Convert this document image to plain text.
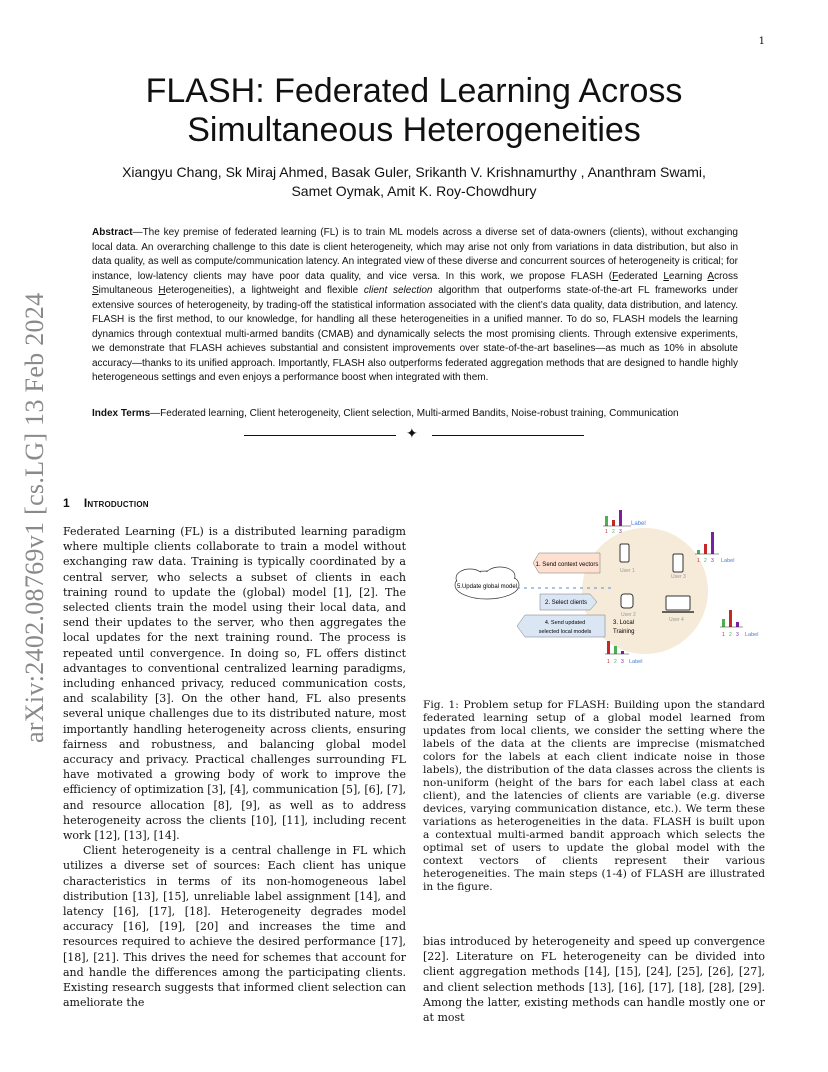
1
arXiv:2402.08769v1 [cs.LG] 13 Feb 2024
FLASH: Federated Learning Across
Simultaneous Heterogeneities
Xiangyu Chang, Sk Miraj Ahmed, Basak Guler, Srikanth V. Krishnamurthy , Ananthram Swami,
Samet Oymak, Amit K. Roy-Chowdhury
Abstract—The key premise of federated learning (FL) is to train ML models across a diverse set of data-owners (clients), without exchanging local data. An overarching challenge to this date is client heterogeneity, which may arise not only from variations in data distribution, but also in data quality, as well as compute/communication latency. An integrated view of these diverse and concurrent sources of heterogeneity is critical; for instance, low-latency clients may have poor data quality, and vice versa. In this work, we propose FLASH (Federated Learning Across Simultaneous Heterogeneities), a lightweight and flexible client selection algorithm that outperforms state-of-the-art FL frameworks under extensive sources of heterogeneity, by trading-off the statistical information associated with the client’s data quality, data distribution, and latency. FLASH is the first method, to our knowledge, for handling all these heterogeneities in a unified manner. To do so, FLASH models the learning dynamics through contextual multi-armed bandits (CMAB) and dynamically selects the most promising clients. Through extensive experiments, we demonstrate that FLASH achieves substantial and consistent improvements over state-of-the-art baselines—as much as 10% in absolute accuracy—thanks to its unified approach. Importantly, FLASH also outperforms federated aggregation methods that are designed to handle highly heterogeneous settings and even enjoys a performance boost when integrated with them.
Index Terms—Federated learning, Client heterogeneity, Client selection, Multi-armed Bandits, Noise-robust training, Communication
✦
1 Introduction

Federated Learning (FL) is a distributed learning paradigm where multiple clients collaborate to train a model without exchanging raw data. Training is typically coordinated by a central server, who selects a subset of clients in each training round to update the (global) model [1], [2]. The selected clients train the model using their local data, and send their updates to the server, who then aggregates the local updates for the next training round. The process is repeated until convergence. In doing so, FL offers distinct advantages to conventional centralized learning paradigms, including enhanced privacy, reduced communication costs, and scalability [3]. On the other hand, FL also presents several unique challenges due to its distributed nature, most importantly handling heterogeneity across clients, ensuring fairness and robustness, and balancing global model accuracy and privacy. Practical challenges surrounding FL have motivated a growing body of work to improve the efficiency of optimization [3], [4], communication [5], [6], [7], and resource allocation [8], [9], as well as to address heterogeneity across the clients [10], [11], including recent work [12], [13], [14].

Client heterogeneity is a central challenge in FL which utilizes a diverse set of sources: Each client has unique characteristics in terms of its non-homogeneous label distribution [13], [15], unreliable label assignment [14], and latency [16], [17], [18]. Heterogeneity degrades model accuracy [16], [19], [20] and increases the time and resources required to achieve the desired performance [17], [18], [21]. This drives the need for schemes that account for and handle the differences among the participating clients. Existing research suggests that informed client selection can ameliorate the

5.Update global model
1. Send context vectors
2. Select clients
4. Send updated
selected local models
3. Local
Training
User 1
User 2
User 3
User 4
1 2 3
Label
1 2 3 Label
1 2 3 Label
1 2 3 Label
Fig. 1: Problem setup for FLASH: Building upon the standard federated learning setup of a global model learned from updates from local clients, we consider the setting where the labels of the data at the clients are imprecise (mismatched colors for the labels at each client indicate noise in those labels), the distribution of the data classes across the clients is non-uniform (height of the bars for each label class at each client), and the latencies of clients are variable (e.g. diverse devices, varying communication distance, etc.). We term these variations as heterogeneities in the data. FLASH is built upon a contextual multi-armed bandit approach which selects the optimal set of users to update the global model with the context vectors of clients represent their various heterogeneities. The main steps (1-4) of FLASH are illustrated in the figure.

bias introduced by heterogeneity and speed up convergence [22]. Literature on FL heterogeneity can be divided into client aggregation methods [14], [15], [24], [25], [26], [27], and client selection methods [13], [16], [17], [18], [28], [29]. Among the latter, existing methods can handle mostly one or at most
